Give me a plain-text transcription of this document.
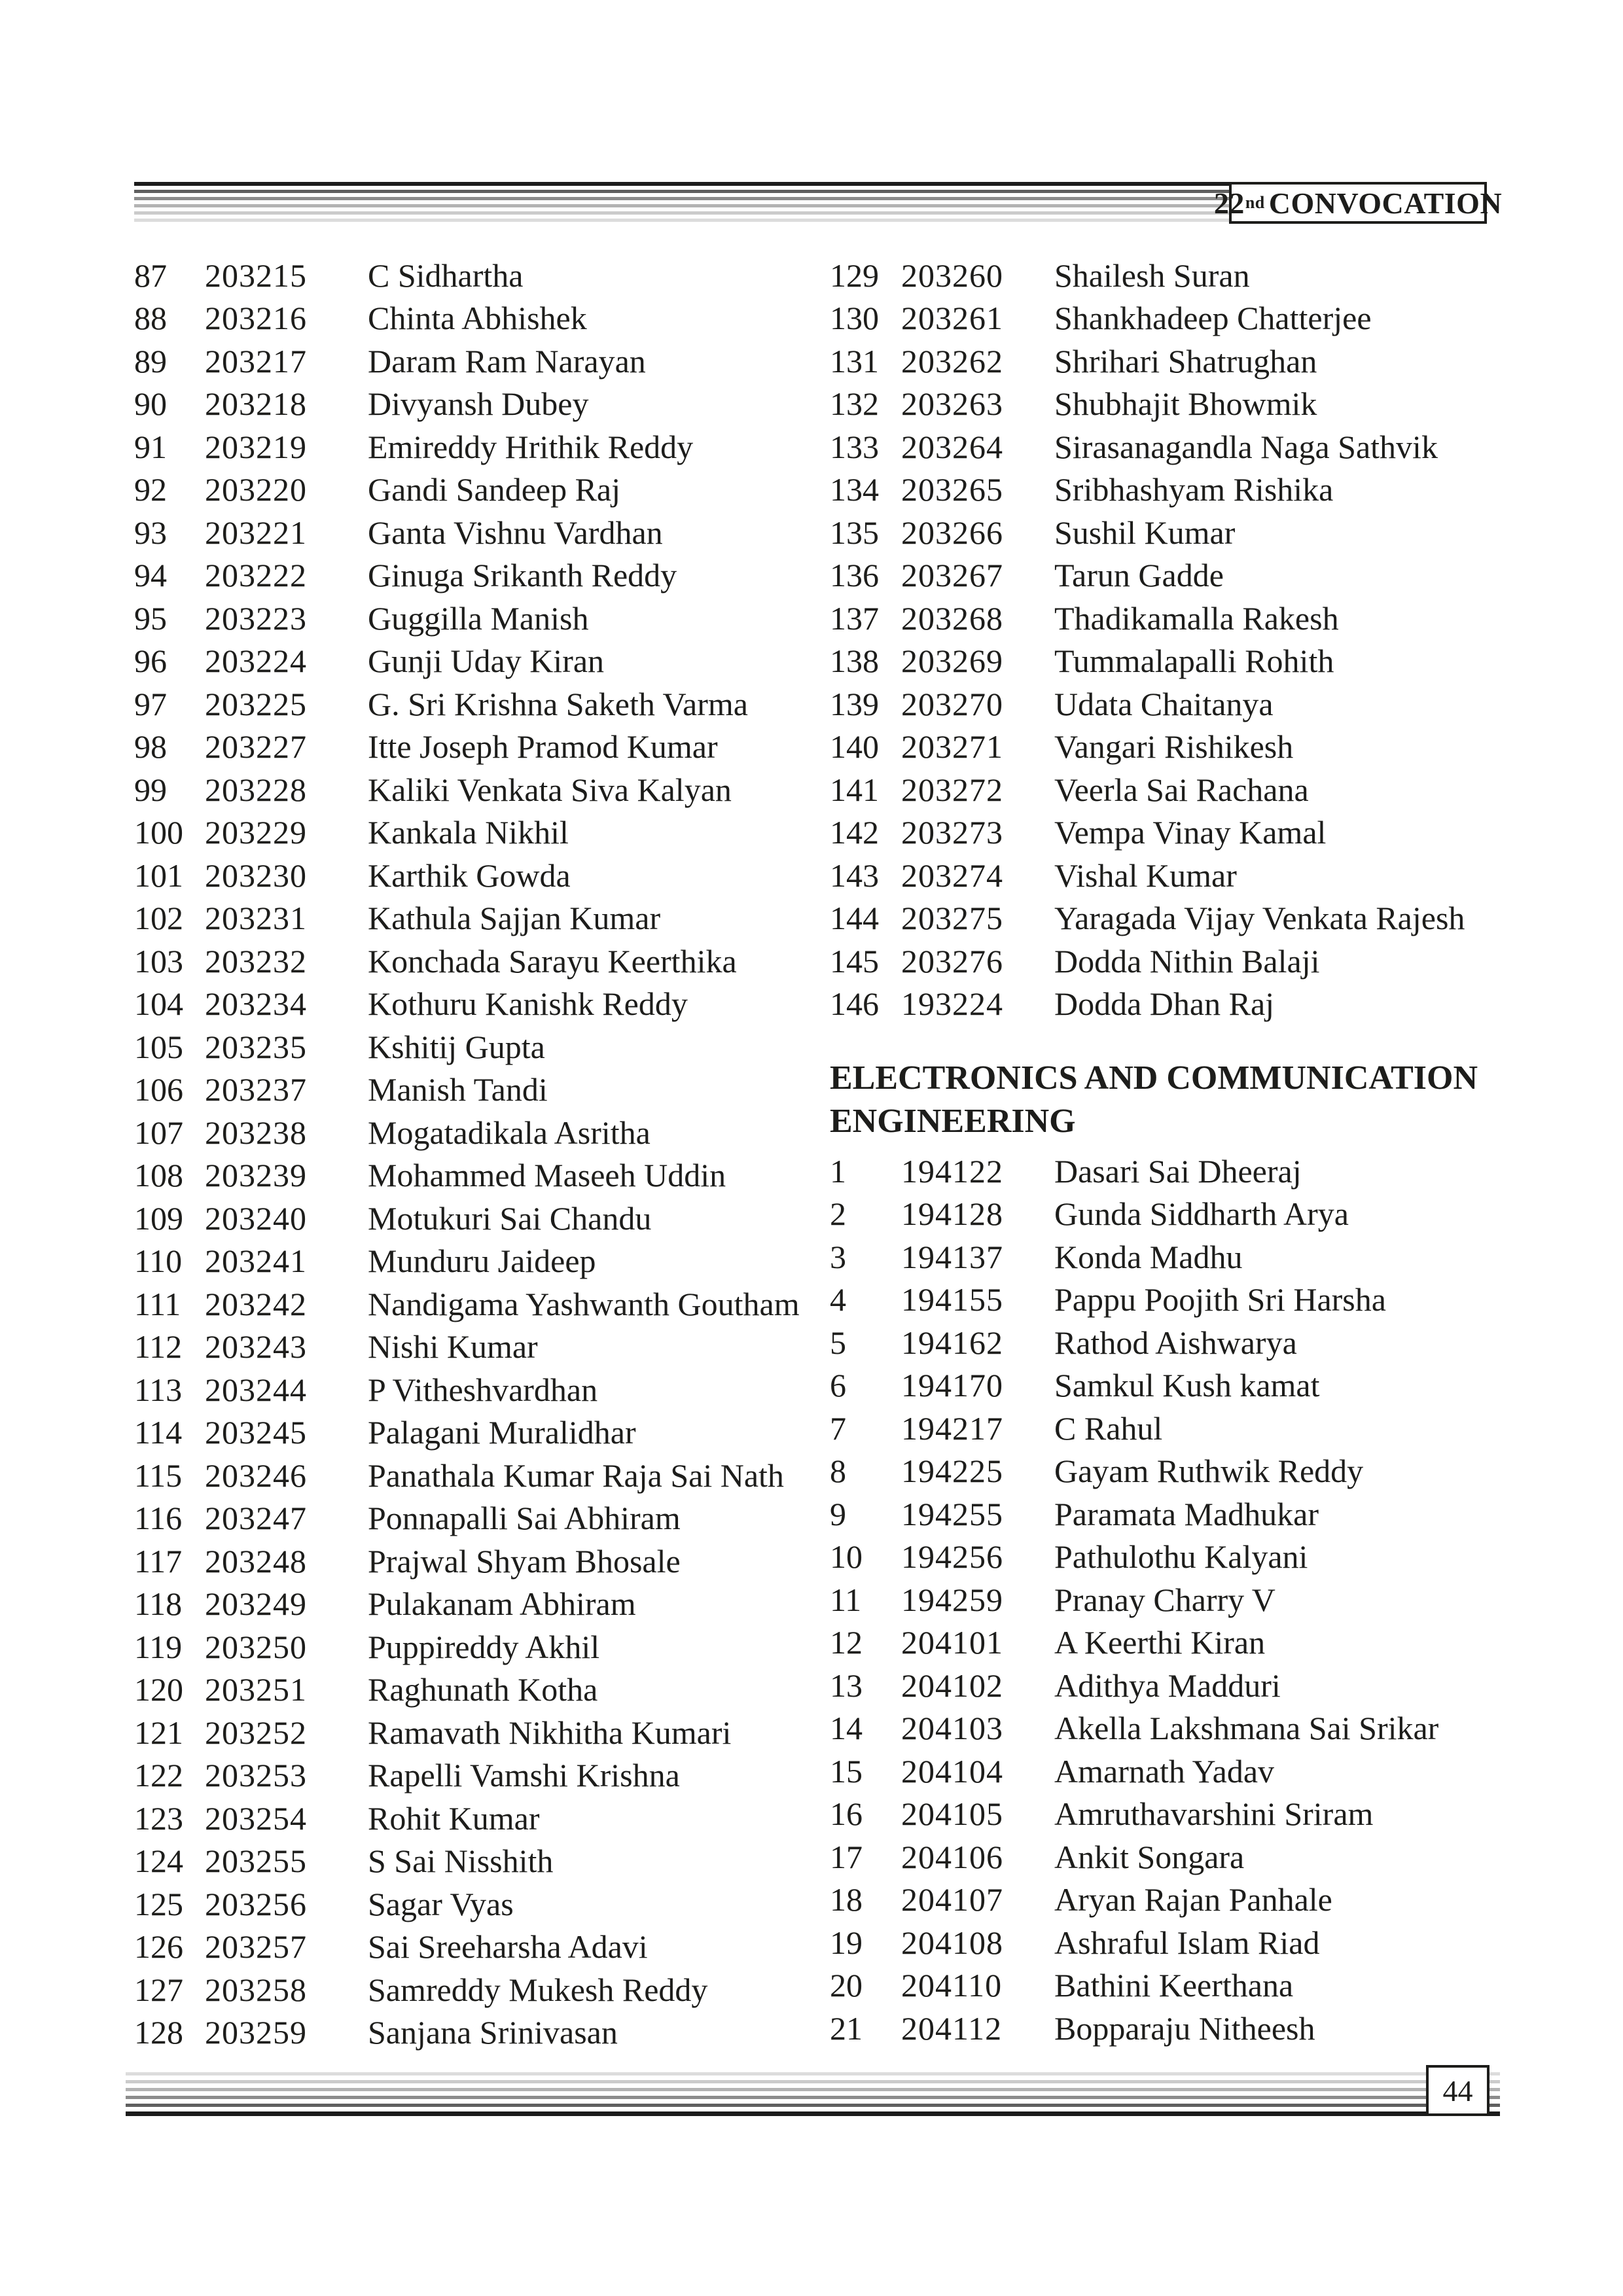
22 nd CONVOCATION
87	203215	C Sidhartha
88	203216	Chinta Abhishek
89	203217	Daram Ram Narayan
90	203218	Divyansh Dubey
91	203219	Emireddy Hrithik Reddy
92	203220	Gandi Sandeep Raj
93	203221	Ganta Vishnu Vardhan
94	203222	Ginuga Srikanth Reddy
95	203223	Guggilla Manish
96	203224	Gunji Uday Kiran
97	203225	G. Sri Krishna Saketh Varma
98	203227	Itte Joseph Pramod Kumar
99	203228	Kaliki Venkata Siva Kalyan
100 203229	Kankala Nikhil
101 203230	Karthik Gowda
102 203231	Kathula Sajjan Kumar
103 203232	Konchada Sarayu Keerthika
104 203234	Kothuru Kanishk Reddy
105 203235	Kshitij Gupta
106 203237	Manish Tandi
107 203238	Mogatadikala Asritha
108 203239	Mohammed Maseeh Uddin
109 203240	Motukuri Sai Chandu
110 203241	Munduru Jaideep
111 203242	Nandigama Yashwanth Goutham
112 203243	Nishi Kumar
113 203244	P Vitheshvardhan
114 203245	Palagani Muralidhar
115 203246	Panathala Kumar Raja Sai Nath
116 203247	Ponnapalli Sai Abhiram
117 203248	Prajwal Shyam Bhosale
118 203249	Pulakanam Abhiram
119 203250	Puppireddy Akhil
120 203251	Raghunath Kotha
121 203252	Ramavath Nikhitha Kumari
122 203253	Rapelli Vamshi Krishna
123 203254	Rohit Kumar
124 203255	S Sai Nisshith
125 203256	Sagar Vyas
126 203257	Sai Sreeharsha Adavi
127 203258	Samreddy Mukesh Reddy
128 203259	Sanjana Srinivasan
129 203260	Shailesh Suran
130 203261	Shankhadeep Chatterjee
131 203262	Shrihari Shatrughan
132 203263	Shubhajit Bhowmik
133 203264	Sirasanagandla Naga Sathvik
134 203265	Sribhashyam Rishika
135 203266	Sushil Kumar
136 203267	Tarun Gadde
137 203268	Thadikamalla Rakesh
138 203269	Tummalapalli Rohith
139 203270	Udata Chaitanya
140 203271	Vangari Rishikesh
141 203272	Veerla Sai Rachana
142 203273	Vempa Vinay Kamal
143 203274	Vishal Kumar
144 203275	Yaragada Vijay Venkata Rajesh
145 203276	Dodda Nithin Balaji
146 193224	Dodda Dhan Raj
ELECTRONICS AND COMMUNICATION
ENGINEERING
1	194122	Dasari Sai Dheeraj
2	194128	Gunda Siddharth Arya
3	194137	Konda Madhu
4	194155	Pappu Poojith Sri Harsha
5	194162	Rathod Aishwarya
6	194170	Samkul Kush kamat
7	194217	C Rahul
8	194225	Gayam Ruthwik Reddy
9	194255	Paramata Madhukar
10	194256	Pathulothu Kalyani
11	194259	Pranay Charry V
12	204101	A Keerthi Kiran
13	204102	Adithya Madduri
14	204103	Akella Lakshmana Sai Srikar
15	204104	Amarnath Yadav
16	204105	Amruthavarshini Sriram
17	204106	Ankit Songara
18	204107	Aryan Rajan Panhale
19	204108	Ashraful Islam Riad
20	204110	Bathini Keerthana
21	204112	Bopparaju Nitheesh
44
